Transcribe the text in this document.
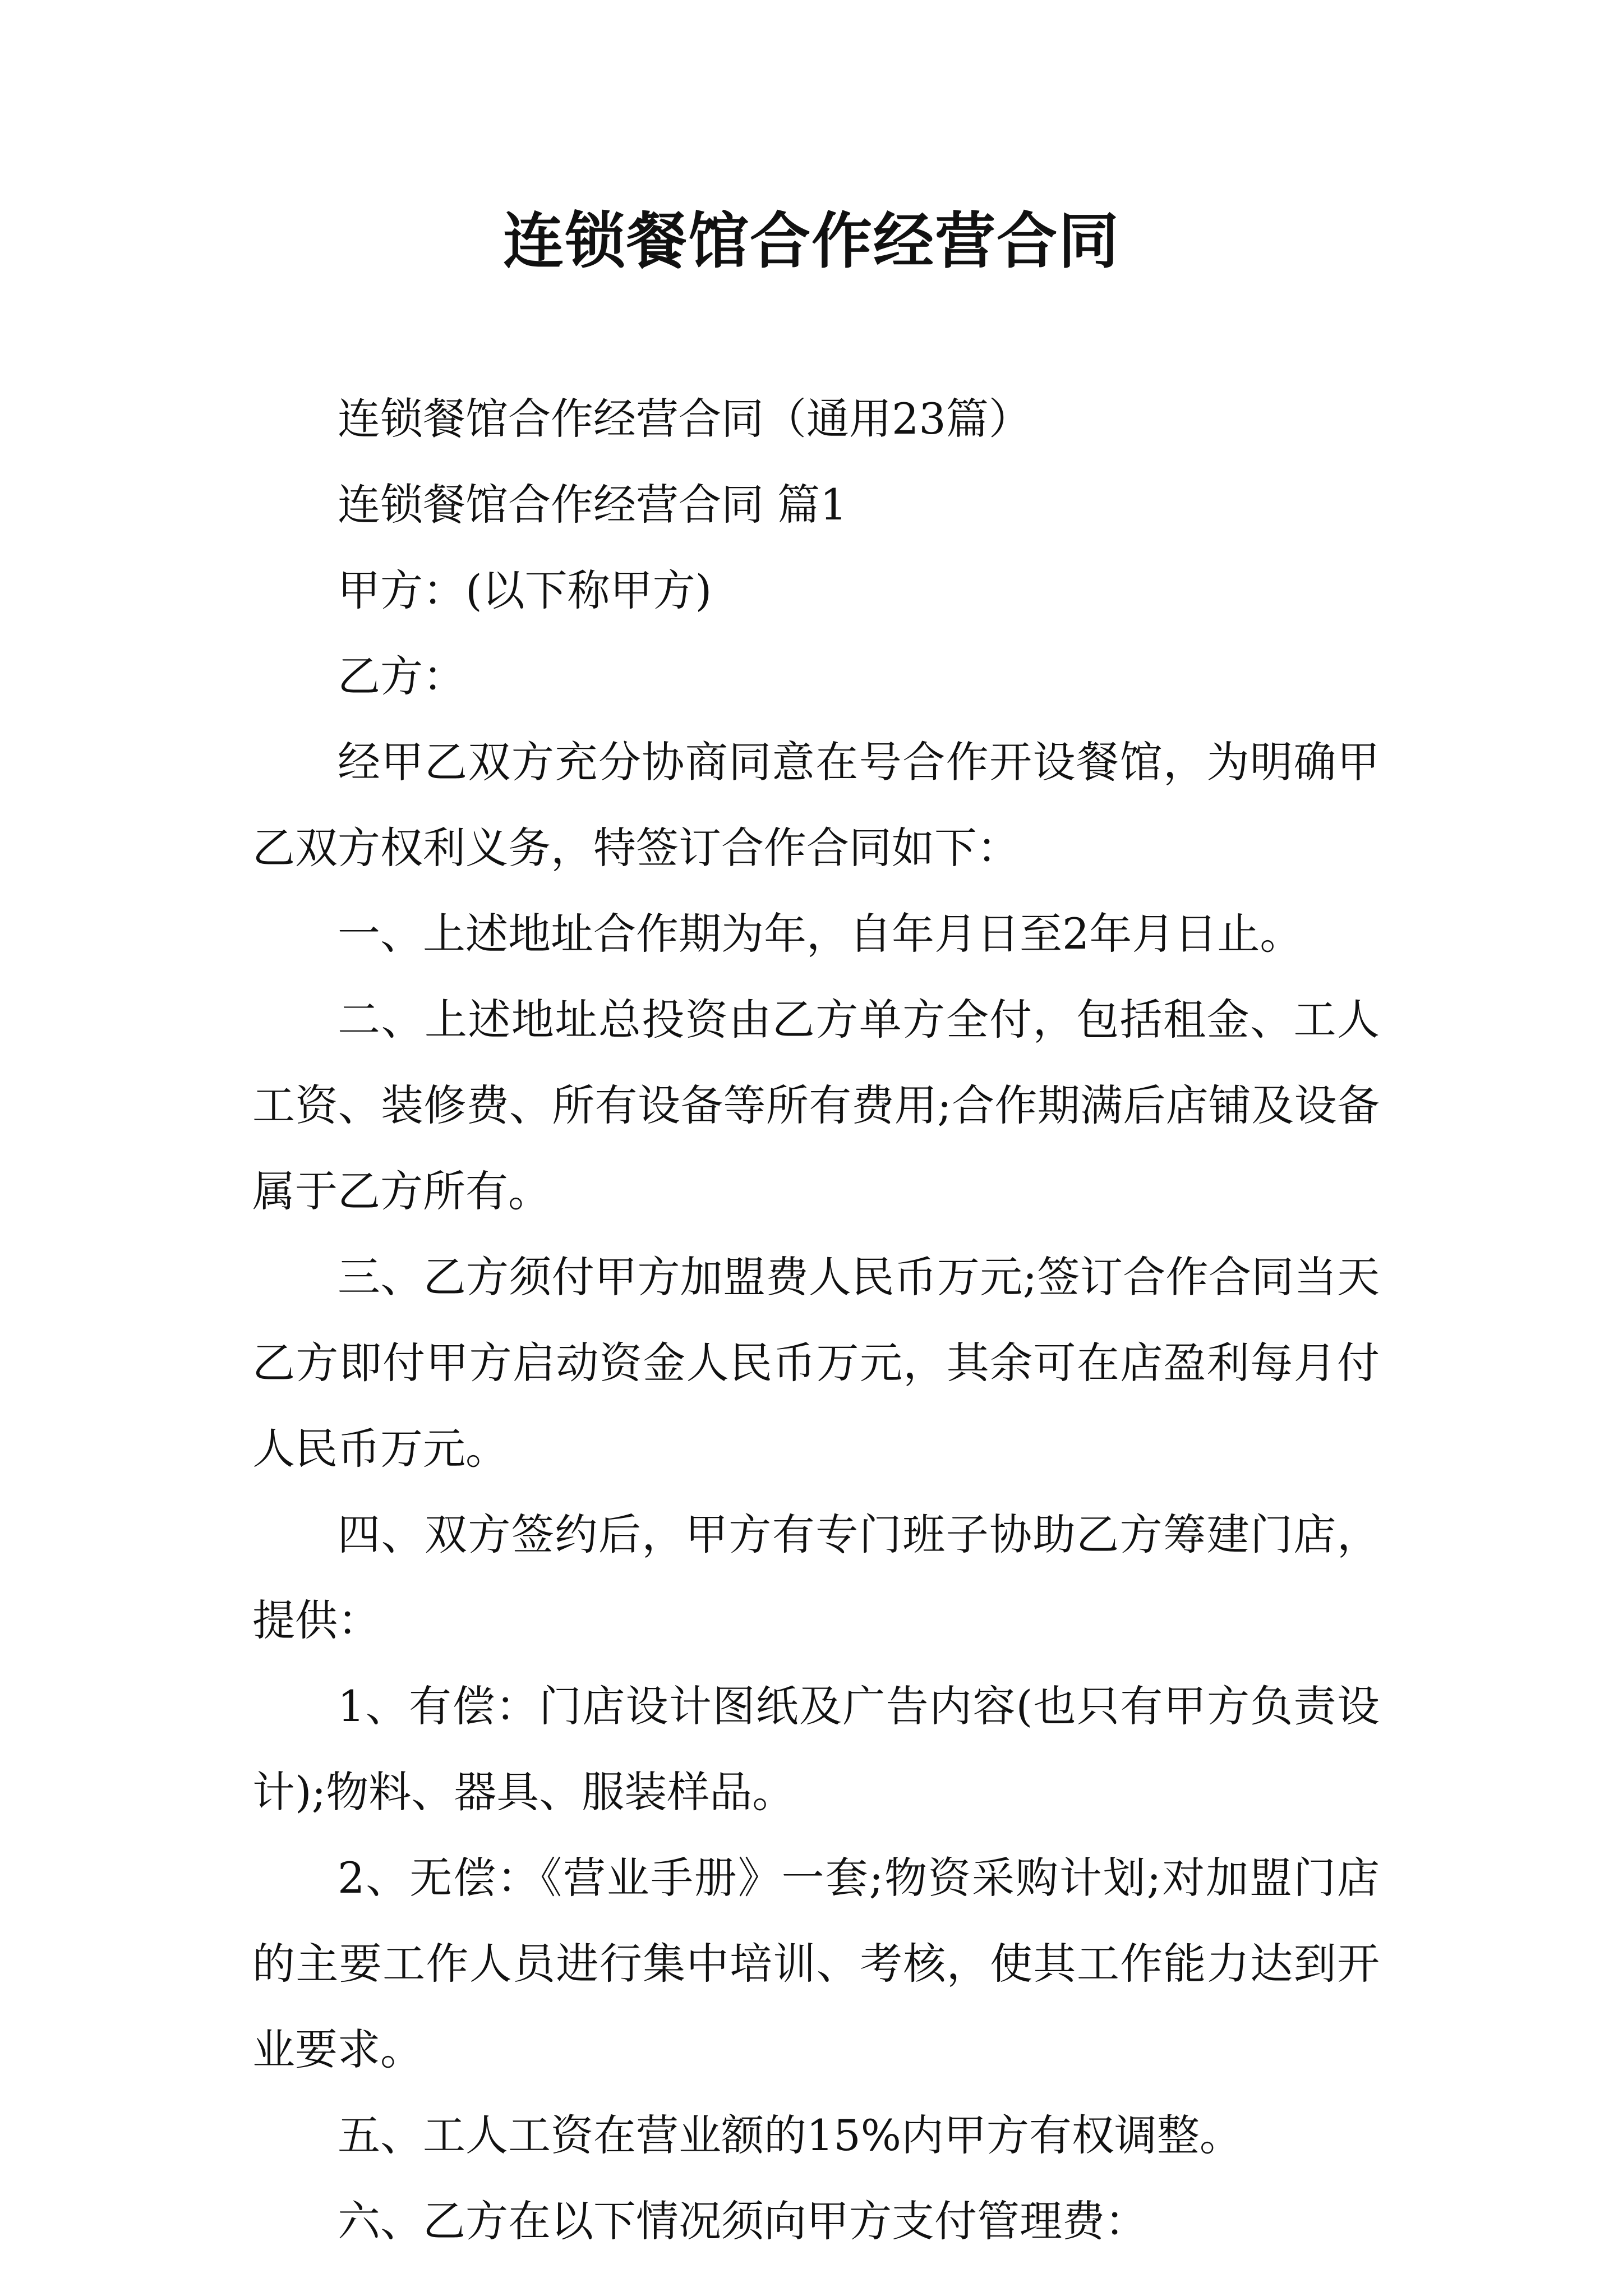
连锁餐馆合作经营合同

连锁餐馆合作经营合同（通用23篇）

连锁餐馆合作经营合同 篇1

甲方：(以下称甲方)

乙方：

经甲乙双方充分协商同意在号合作开设餐馆，为明确甲乙双方权利义务，特签订合作合同如下：

一、上述地址合作期为年，自年月日至2年月日止。

二、上述地址总投资由乙方单方全付，包括租金、工人工资、装修费、所有设备等所有费用;合作期满后店铺及设备属于乙方所有。

三、乙方须付甲方加盟费人民币万元;签订合作合同当天乙方即付甲方启动资金人民币万元，其余可在店盈利每月付人民币万元。

四、双方签约后，甲方有专门班子协助乙方筹建门店，提供：

1、有偿：门店设计图纸及广告内容(也只有甲方负责设计);物料、器具、服装样品。

2、无偿：《营业手册》一套;物资采购计划;对加盟门店的主要工作人员进行集中培训、考核，使其工作能力达到开业要求。

五、工人工资在营业额的15%内甲方有权调整。

六、乙方在以下情况须向甲方支付管理费：
